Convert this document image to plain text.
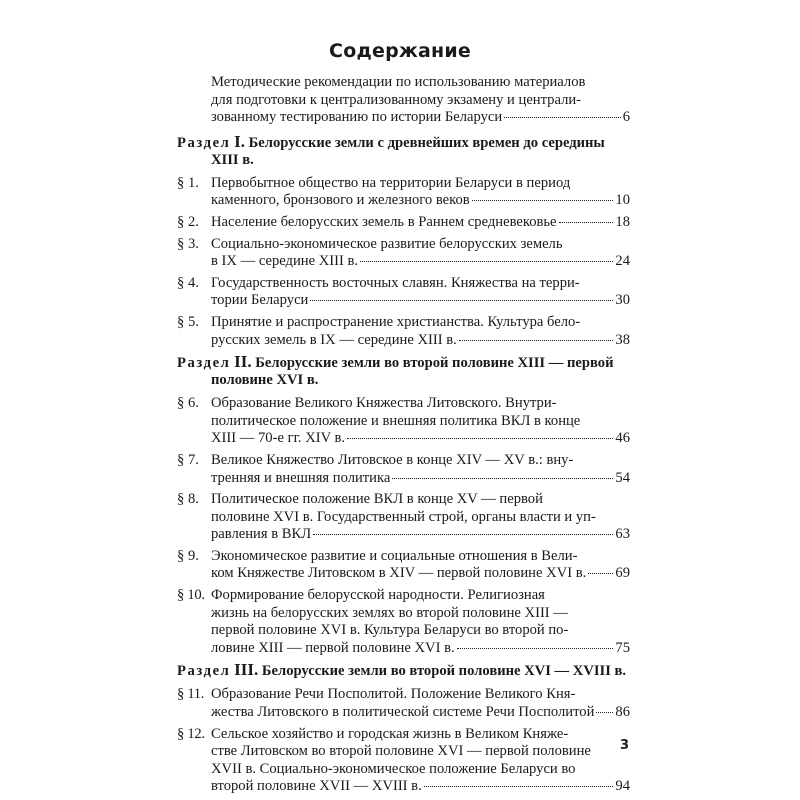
Содержание
Методические рекомендации по использованию материалов
для подготовки к централизованному экзамену и централи-
зованному тестированию по истории Беларуси	6
Раздел I. Белорусские земли с древнейших времен до середины
XIII в.
§ 1. Первобытное общество на территории Беларуси в период
каменного, бронзового и железного веков	10
§ 2. Население белорусских земель в Раннем средневековье	18
§ 3. Социально-экономическое развитие белорусских земель
в IX — середине XIII в.	24
§ 4. Государственность восточных славян. Княжества на терри-
тории Беларуси	30
§ 5. Принятие и распространение христианства. Культура бело-
русских земель в IX — середине XIII в.	38
Раздел II. Белорусские земли во второй половине XIII — первой
половине XVI в.
§ 6. Образование Великого Княжества Литовского. Внутри-
политическое положение и внешняя политика ВКЛ в конце
XIII — 70-е гг. XIV в.	46
§ 7. Великое Княжество Литовское в конце XIV — XV в.: вну-
тренняя и внешняя политика	54
§ 8. Политическое положение ВКЛ в конце XV — первой
половине XVI в. Государственный строй, органы власти и уп-
равления в ВКЛ	63
§ 9. Экономическое развитие и социальные отношения в Вели-
ком Княжестве Литовском в XIV — первой половине XVI в. 69
§ 10. Формирование белорусской народности. Религиозная
жизнь на белорусских землях во второй половине XIII —
первой половине XVI в. Культура Беларуси во второй по-
ловине XIII — первой половине XVI в.	75
Раздел III. Белорусские земли во второй половине XVI — XVIII в.
§ 11. Образование Речи Посполитой. Положение Великого Кня-
жества Литовского в политической системе Речи Посполитой 86
§ 12. Сельское хозяйство и городская жизнь в Великом Княже-
стве Литовском во второй половине XVI — первой половине
XVII в. Социально-экономическое положение Беларуси во
второй половине XVII — XVIII в.	94
3
